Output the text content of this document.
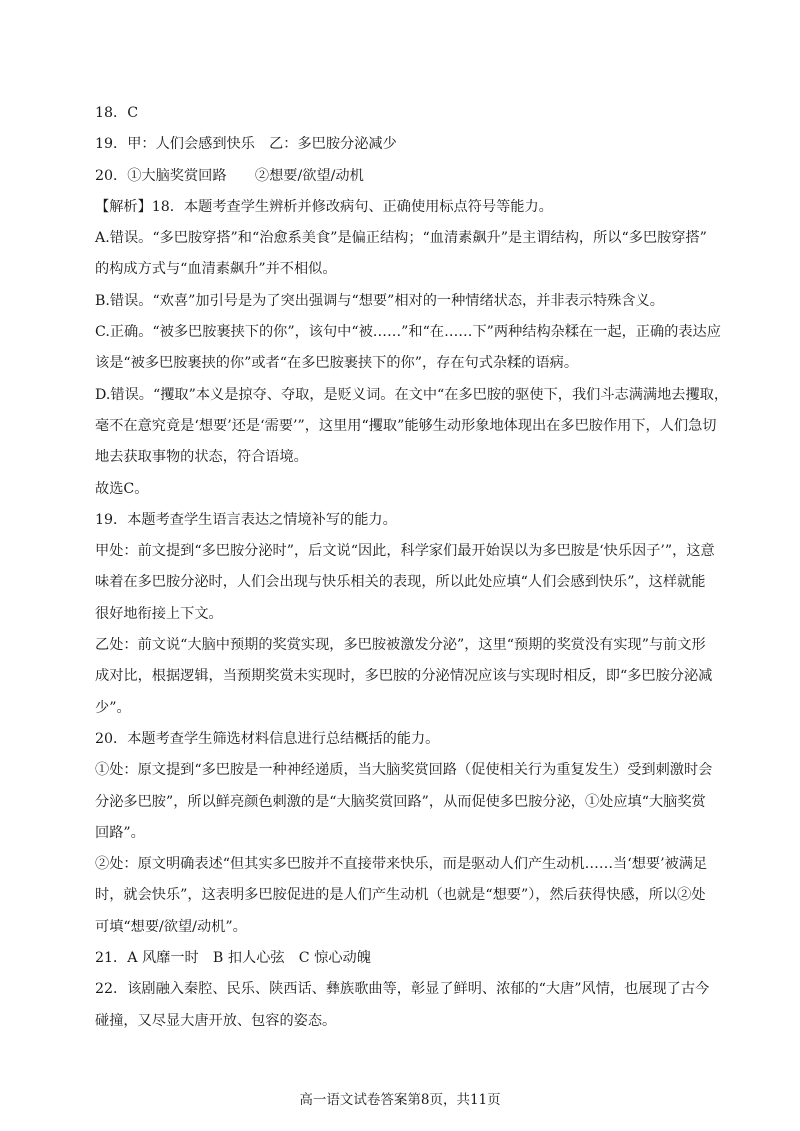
18．C

19．甲：人们会感到快乐　乙：多巴胺分泌减少

20．①大脑奖赏回路　　②想要/欲望/动机

【解析】18．本题考查学生辨析并修改病句、正确使用标点符号等能力。

A.错误。“多巴胺穿搭”和“治愈系美食”是偏正结构；“血清素飙升”是主谓结构，所以“多巴胺穿搭”

的构成方式与“血清素飙升”并不相似。

B.错误。“欢喜”加引号是为了突出强调与“想要”相对的一种情绪状态，并非表示特殊含义。

C.正确。“被多巴胺裹挟下的你”，该句中“被……”和“在……下”两种结构杂糅在一起，正确的表达应

该是“被多巴胺裹挟的你”或者“在多巴胺裹挟下的你”，存在句式杂糅的语病。

D.错误。“攫取”本义是掠夺、夺取，是贬义词。在文中“在多巴胺的驱使下，我们斗志满满地去攫取，

毫不在意究竟是‘想要’还是‘需要’”，这里用“攫取”能够生动形象地体现出在多巴胺作用下，人们急切

地去获取事物的状态，符合语境。

故选C。

19．本题考查学生语言表达之情境补写的能力。

甲处：前文提到“多巴胺分泌时”，后文说“因此，科学家们最开始误以为多巴胺是‘快乐因子’”，这意

味着在多巴胺分泌时，人们会出现与快乐相关的表现，所以此处应填“人们会感到快乐”，这样就能

很好地衔接上下文。

乙处：前文说“大脑中预期的奖赏实现，多巴胺被激发分泌”，这里“预期的奖赏没有实现”与前文形

成对比，根据逻辑，当预期奖赏未实现时，多巴胺的分泌情况应该与实现时相反，即“多巴胺分泌减

少”。

20．本题考查学生筛选材料信息进行总结概括的能力。

①处：原文提到“多巴胺是一种神经递质，当大脑奖赏回路（促使相关行为重复发生）受到刺激时会

分泌多巴胺”，所以鲜亮颜色刺激的是“大脑奖赏回路”，从而促使多巴胺分泌，①处应填“大脑奖赏

回路”。

②处：原文明确表述“但其实多巴胺并不直接带来快乐，而是驱动人们产生动机……当‘想要’被满足

时，就会快乐”，这表明多巴胺促进的是人们产生动机（也就是“想要”），然后获得快感，所以②处

可填“想要/欲望/动机”。

21．A 风靡一时　B 扣人心弦　C 惊心动魄

22．该剧融入秦腔、民乐、陕西话、彝族歌曲等，彰显了鲜明、浓郁的“大唐”风情，也展现了古今

碰撞，又尽显大唐开放、包容的姿态。

高一语文试卷答案第8页，共11页
